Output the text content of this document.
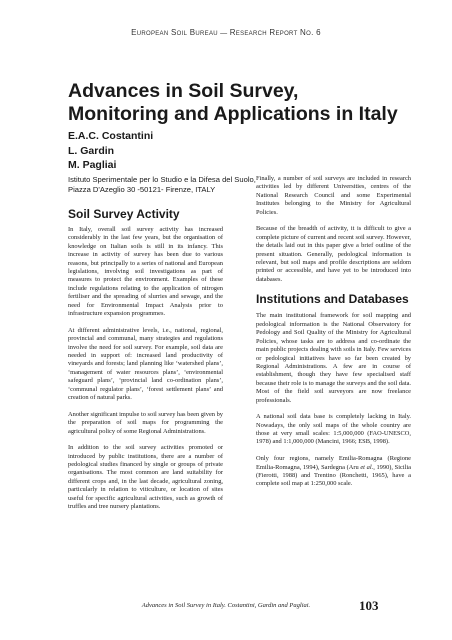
European Soil Bureau — Research Report No. 6
Advances in Soil Survey, Monitoring and Applications in Italy
E.A.C. Costantini
L. Gardin
M. Pagliai
Istituto Sperimentale per lo Studio e la Difesa del Suolo,
Piazza D'Azeglio 30 -50121- Firenze, ITALY
Soil Survey Activity

In Italy, overall soil survey activity has increased considerably in the last few years, but the organisation of knowledge on Italian soils is still in its infancy. This increase in activity of survey has been due to various reasons, but principally to a series of national and European legislations, involving soil investigations as part of measures to protect the environment. Examples of these include regulations relating to the application of nitrogen fertiliser and the spreading of slurries and sewage, and the need for Environmental Impact Analysis prior to infrastructure expansion programmes.

At different administrative levels, i.e., national, regional, provincial and communal, many strategies and regulations involve the need for soil survey. For example, soil data are needed in support of: increased land productivity of vineyards and forests; land planning like ‘watershed plans’, ‘management of water resources plans’, ‘environmental safeguard plans’, ‘provincial land co-ordination plans’, ‘communal regulator plans’, ‘forest settlement plans’ and creation of natural parks.

Another significant impulse to soil survey has been given by the preparation of soil maps for programming the agricultural policy of some Regional Administrations.

In addition to the soil survey activities promoted or introduced by public institutions, there are a number of pedological studies financed by single or groups of private organisations. The most common are land suitability for different crops and, in the last decade, agricultural zoning, particularly in relation to viticulture, or location of sites useful for specific agricultural activities, such as growth of truffles and tree nursery plantations.

Finally, a number of soil surveys are included in research activities led by different Universities, centres of the National Research Council and some Experimental Institutes belonging to the Ministry for Agricultural Policies.

Because of the breadth of activity, it is difficult to give a complete picture of current and recent soil survey. However, the details laid out in this paper give a brief outline of the present situation. Generally, pedological information is relevant, but soil maps and profile descriptions are seldom printed or accessible, and have yet to be introduced into databases.

Institutions and Databases

The main institutional framework for soil mapping and pedological information is the National Observatory for Pedology and Soil Quality of the Ministry for Agricultural Policies, whose tasks are to address and co-ordinate the main public projects dealing with soils in Italy. Few services or pedological initiatives have so far been created by Regional Administrations. A few are in course of establishment, though they have few specialised staff because their role is to manage the surveys and the soil data. Most of the field soil surveyors are now freelance professionals.

A national soil data base is completely lacking in Italy. Nowadays, the only soil maps of the whole country are those at very small scales: 1:5,000,000 (FAO-UNESCO, 1978) and 1:1,000,000 (Mancini, 1966; ESB, 1998).

Only four regions, namely Emilia-Romagna (Regione Emilia-Romagna, 1994), Sardegna (Aru et al., 1990), Sicilia (Fierotti, 1988) and Trentino (Ronchetti, 1965), have a complete soil map at 1:250,000 scale.

Advances in Soil Survey in Italy. Costantini, Gardin and Pagliai.	103
